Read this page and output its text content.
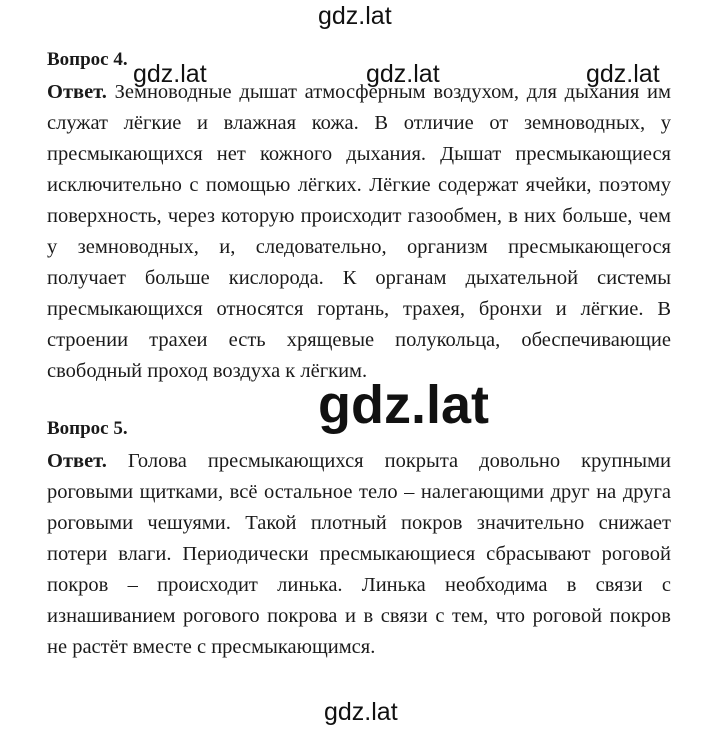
Вопрос 4.

Ответ. Земноводные дышат атмосферным воздухом, для дыхания им служат лёгкие и влажная кожа. В отличие от земноводных, у пресмыкающихся нет кожного дыхания. Дышат пресмыкающиеся исключительно с помощью лёгких. Лёгкие содержат ячейки, поэтому поверхность, через которую происходит газообмен, в них больше, чем у земноводных, и, следовательно, организм пресмыкающегося получает больше кислорода. К органам дыхательной системы пресмыкающихся относятся гортань, трахея, бронхи и лёгкие. В строении трахеи есть хрящевые полукольца, обеспечивающие свободный проход воздуха к лёгким.

Вопрос 5.

Ответ. Голова пресмыкающихся покрыта довольно крупными роговыми щитками, всё остальное тело – налегающими друг на друга роговыми чешуями. Такой плотный покров значительно снижает потери влаги. Периодически пресмыкающиеся сбрасывают роговой покров – происходит линька. Линька необходима в связи с изнашиванием рогового покрова и в связи с тем, что роговой покров не растёт вместе с пресмыкающимся.

gdz.lat
gdz.lat	gdz.lat	gdz.lat
gdz.lat
gdz.lat
